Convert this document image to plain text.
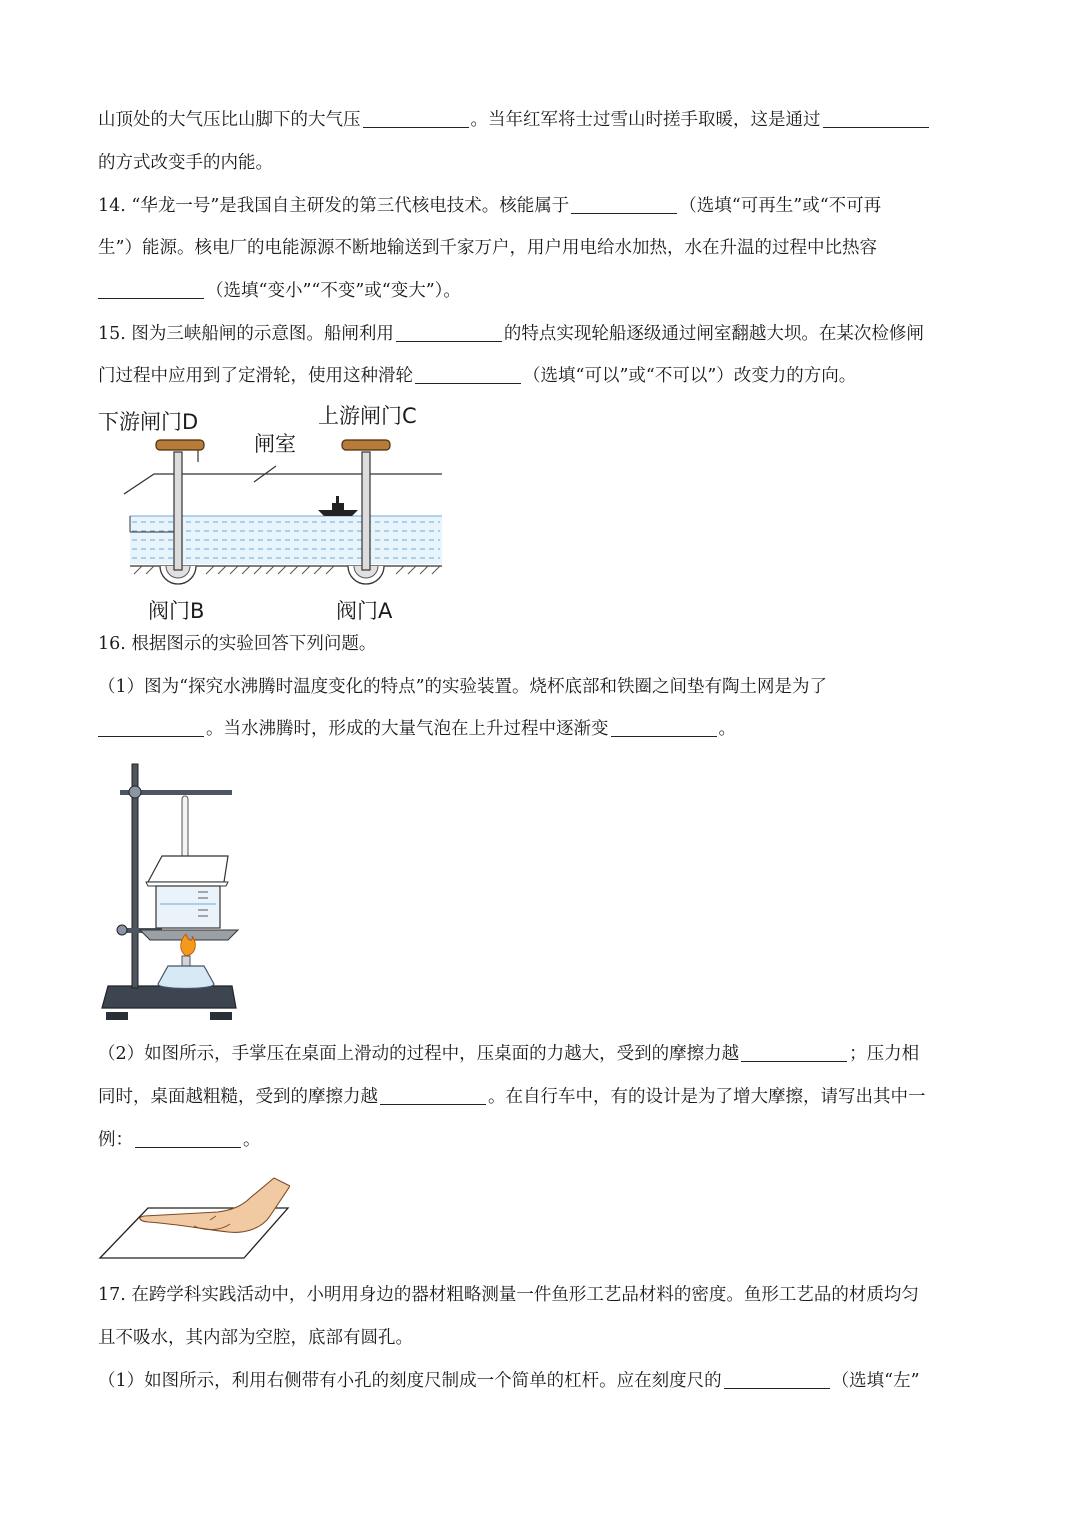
山顶处的大气压比山脚下的大气压	。当年红军将士过雪山时搓手取暖，这是通过
的方式改变手的内能。
14. “华龙一号”是我国自主研发的第三代核电技术。核能属于	（选填“可再生”或“不可再
生”）能源。核电厂的电能源源不断地输送到千家万户，用户用电给水加热，水在升温的过程中比热容
（选填“变小”“不变”或“变大”）。
15. 图为三峡船闸的示意图。船闸利用	的特点实现轮船逐级通过闸室翻越大坝。在某次检修闸
门过程中应用到了定滑轮，使用这种滑轮	（选填“可以”或“不可以”）改变力的方向。
下游闸门D	上游闸门C
闸室
阀门B	阀门A
16. 根据图示的实验回答下列问题。
（1）图为“探究水沸腾时温度变化的特点”的实验装置。烧杯底部和铁圈之间垫有陶土网是为了
。当水沸腾时，形成的大量气泡在上升过程中逐渐变	。
（2）如图所示，手掌压在桌面上滑动的过程中，压桌面的力越大，受到的摩擦力越	；压力相
同时，桌面越粗糙，受到的摩擦力越	。在自行车中，有的设计是为了增大摩擦，请写出其中一
例：	。
17. 在跨学科实践活动中，小明用身边的器材粗略测量一件鱼形工艺品材料的密度。鱼形工艺品的材质均匀
且不吸水，其内部为空腔，底部有圆孔。
（1）如图所示，利用右侧带有小孔的刻度尺制成一个简单的杠杆。应在刻度尺的	（选填“左”
